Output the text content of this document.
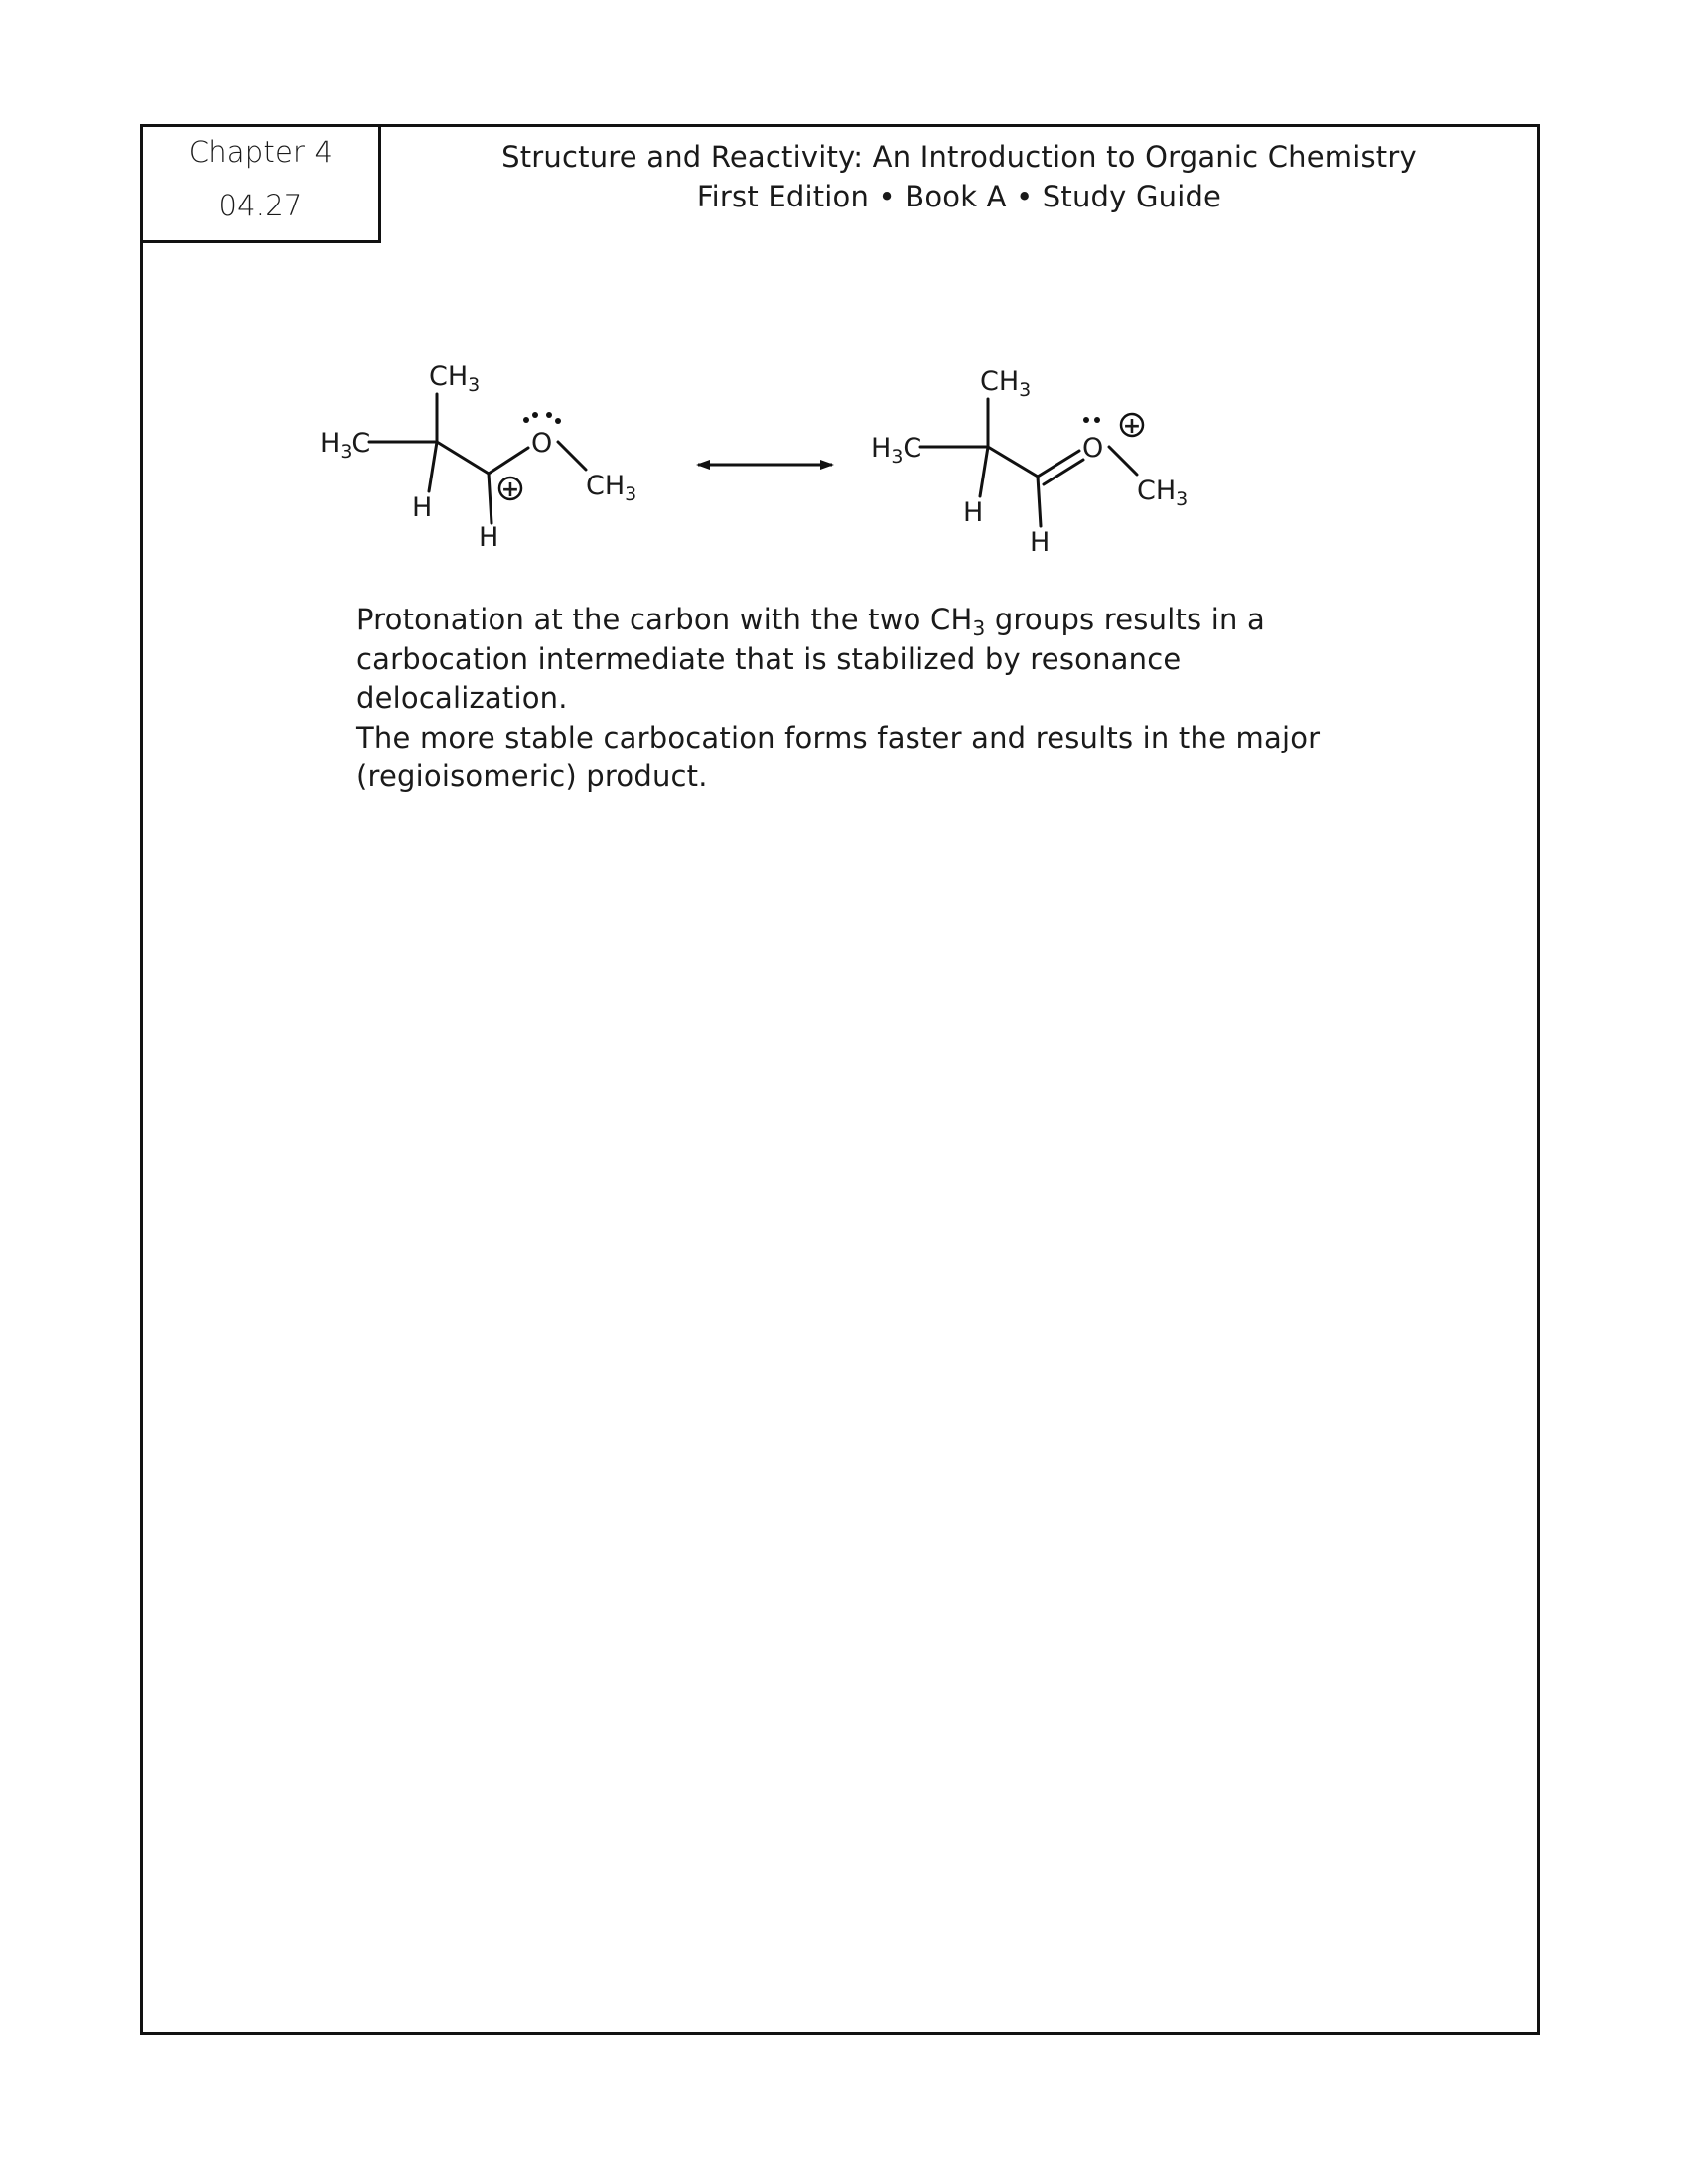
Chapter 4
04.27
Structure and Reactivity: An Introduction to Organic Chemistry
First Edition • Book A • Study Guide
CH3
H3C
H
H
O
CH3
+
CH3
H3C
H
H
O
CH3
+

Protonation at the carbon with the two $CH_3$ groups results in a

carbocation intermediate that is stabilized by resonance delocalization.

The more stable carbocation forms faster and results in the major

(regioisomeric) product.
